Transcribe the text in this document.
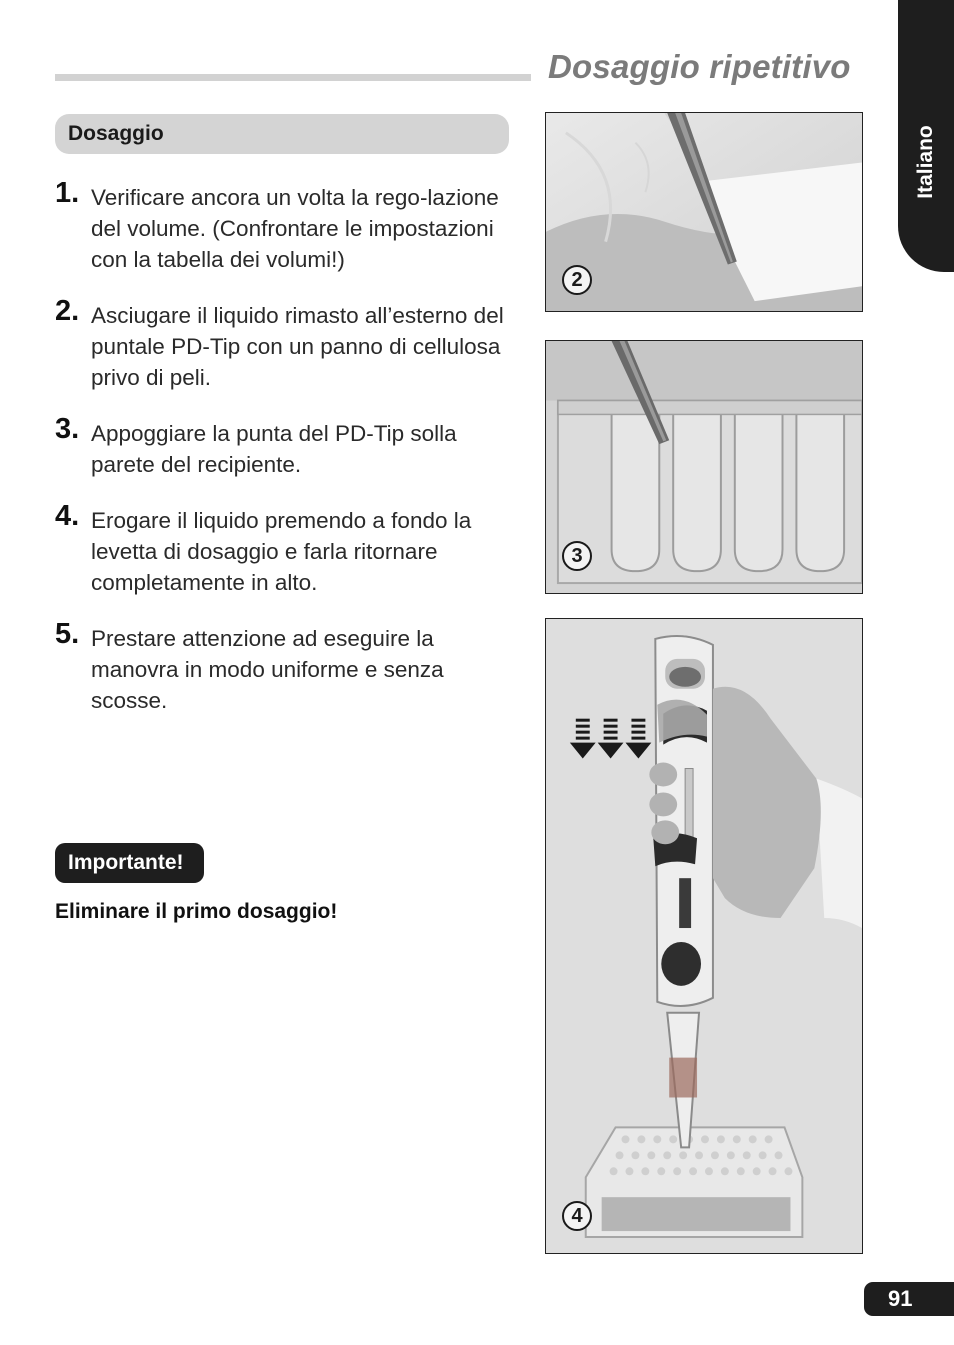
Dosaggio ripetitivo
Italiano
Dosaggio
1. Verificare ancora un volta la rego-lazione del volume. (Confrontare le impostazioni con la tabella dei volumi!)
2. Asciugare il liquido rimasto all’esterno del puntale PD-Tip con un panno di cellulosa privo di peli.
3. Appoggiare la punta del PD-Tip solla parete del recipiente.
4. Erogare il liquido premendo a fondo la levetta di dosaggio e farla ritornare completamente in alto.
5. Prestare attenzione ad eseguire la manovra in modo uniforme e senza scosse.
Importante!
Eliminare il primo dosaggio!
2
3
4
91
